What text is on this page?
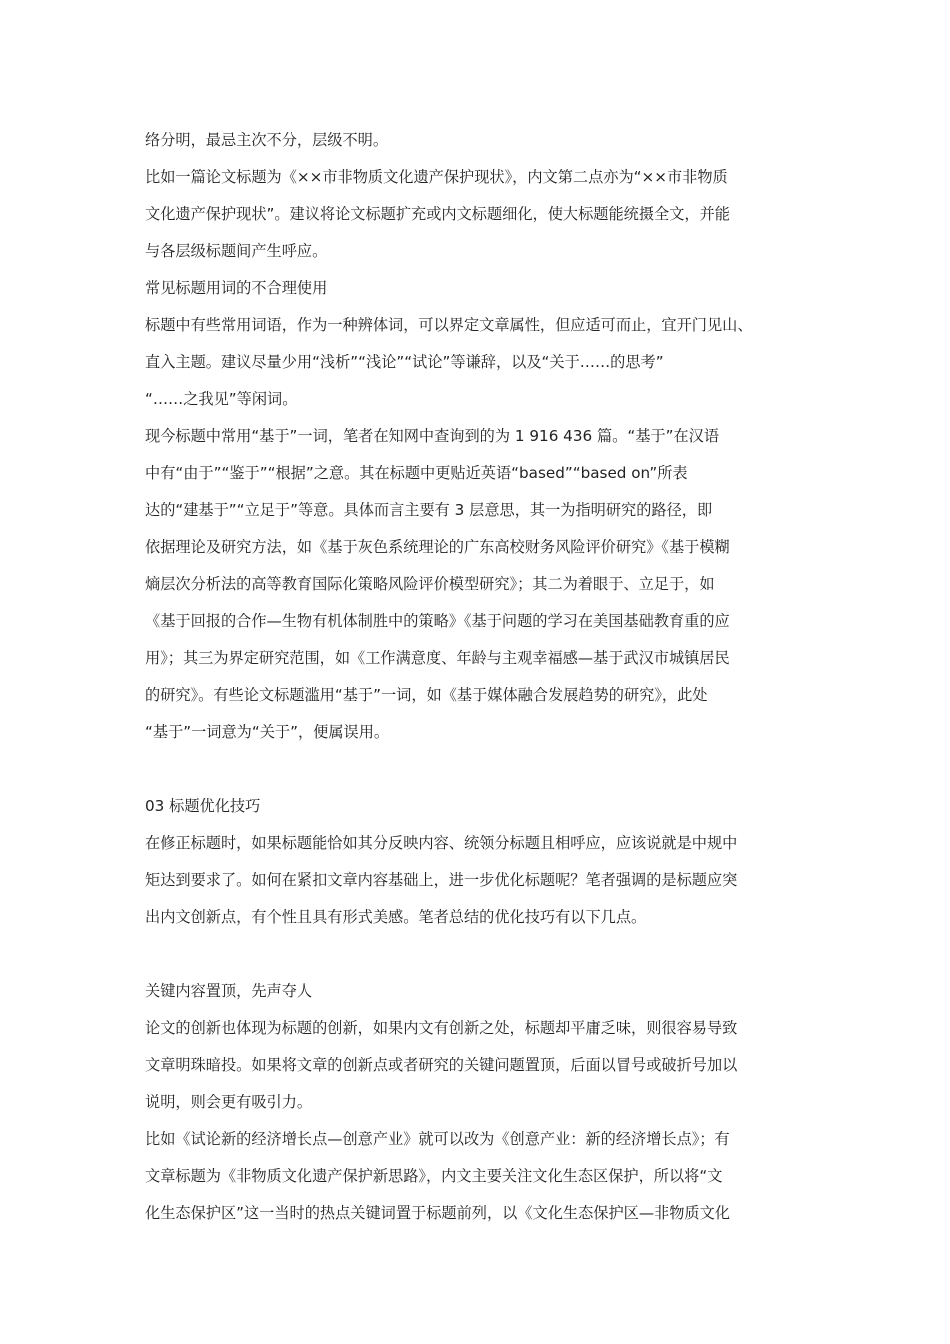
络分明，最忌主次不分，层级不明。
比如一篇论文标题为《××市非物质文化遗产保护现状》，内文第二点亦为“××市非物质
文化遗产保护现状”。建议将论文标题扩充或内文标题细化，使大标题能统摄全文，并能
与各层级标题间产生呼应。
常见标题用词的不合理使用
标题中有些常用词语，作为一种辨体词，可以界定文章属性，但应适可而止，宜开门见山、
直入主题。建议尽量少用“浅析”“浅论”“试论”等谦辞，以及“关于……的思考”
“……之我见”等闲词。
现今标题中常用“基于”一词，笔者在知网中查询到的为 1 916 436 篇。“基于”在汉语
中有“由于”“鉴于”“根据”之意。其在标题中更贴近英语“based”“based on”所表
达的“建基于”“立足于”等意。具体而言主要有 3 层意思，其一为指明研究的路径，即
依据理论及研究方法，如《基于灰色系统理论的广东高校财务风险评价研究》《基于模糊
熵层次分析法的高等教育国际化策略风险评价模型研究》；其二为着眼于、立足于，如
《基于回报的合作—生物有机体制胜中的策略》《基于问题的学习在美国基础教育重的应
用》；其三为界定研究范围，如《工作满意度、年龄与主观幸福感—基于武汉市城镇居民
的研究》。有些论文标题滥用“基于”一词，如《基于媒体融合发展趋势的研究》，此处
“基于”一词意为“关于”，便属误用。
03 标题优化技巧
在修正标题时，如果标题能恰如其分反映内容、统领分标题且相呼应，应该说就是中规中
矩达到要求了。如何在紧扣文章内容基础上，进一步优化标题呢？笔者强调的是标题应突
出内文创新点，有个性且具有形式美感。笔者总结的优化技巧有以下几点。
关键内容置顶，先声夺人
论文的创新也体现为标题的创新，如果内文有创新之处，标题却平庸乏味，则很容易导致
文章明珠暗投。如果将文章的创新点或者研究的关键问题置顶，后面以冒号或破折号加以
说明，则会更有吸引力。
比如《试论新的经济增长点—创意产业》就可以改为《创意产业：新的经济增长点》；有
文章标题为《非物质文化遗产保护新思路》，内文主要关注文化生态区保护，所以将“文
化生态保护区”这一当时的热点关键词置于标题前列，以《文化生态保护区—非物质文化
